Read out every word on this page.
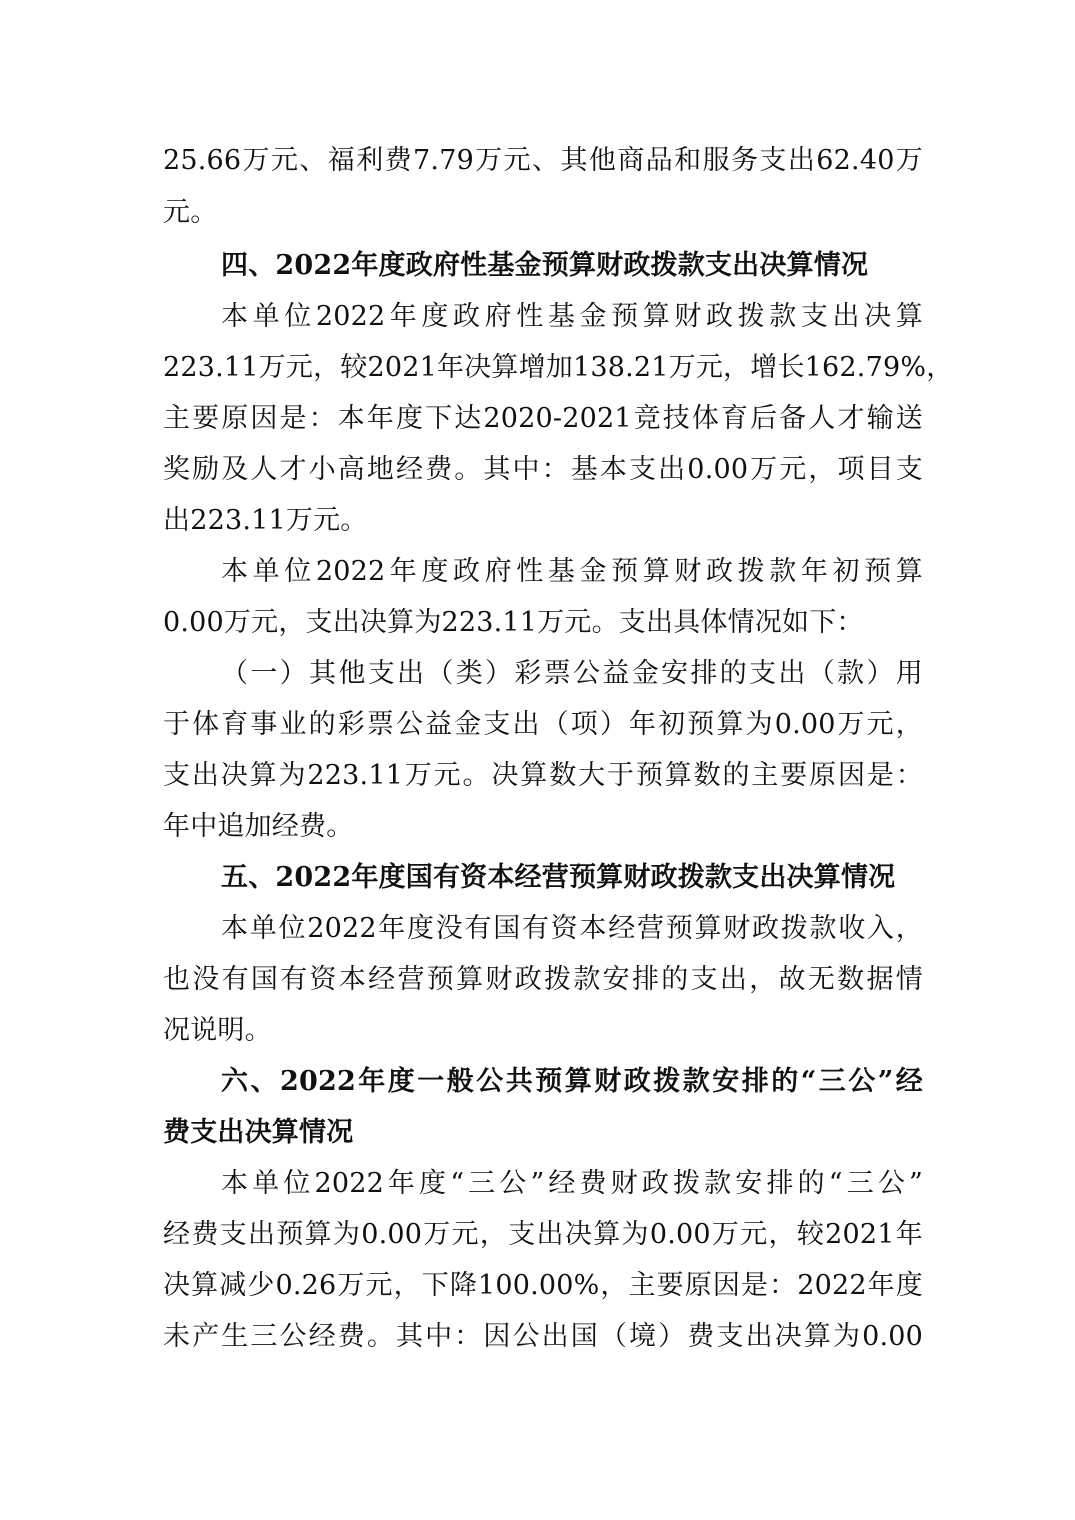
25.66万元、福利费7.79万元、其他商品和服务支出62.40万
元。
四、2022年度政府性基金预算财政拨款支出决算情况
本单位2022年度政府性基金预算财政拨款支出决算
223.11万元，较2021年决算增加138.21万元，增长162.79%，
主要原因是：本年度下达2020-2021竞技体育后备人才输送
奖励及人才小高地经费。其中：基本支出0.00万元，项目支
出223.11万元。
本单位2022年度政府性基金预算财政拨款年初预算
0.00万元，支出决算为223.11万元。支出具体情况如下：
（一）其他支出（类）彩票公益金安排的支出（款）用
于体育事业的彩票公益金支出（项）年初预算为0.00万元，
支出决算为223.11万元。决算数大于预算数的主要原因是：
年中追加经费。
五、2022年度国有资本经营预算财政拨款支出决算情况
本单位2022年度没有国有资本经营预算财政拨款收入，
也没有国有资本经营预算财政拨款安排的支出，故无数据情
况说明。
六、2022年度一般公共预算财政拨款安排的“三公”经
费支出决算情况
本单位2022年度“三公”经费财政拨款安排的“三公”
经费支出预算为0.00万元，支出决算为0.00万元，较2021年
决算减少0.26万元，下降100.00%，主要原因是：2022年度
未产生三公经费。其中：因公出国（境）费支出决算为0.00
